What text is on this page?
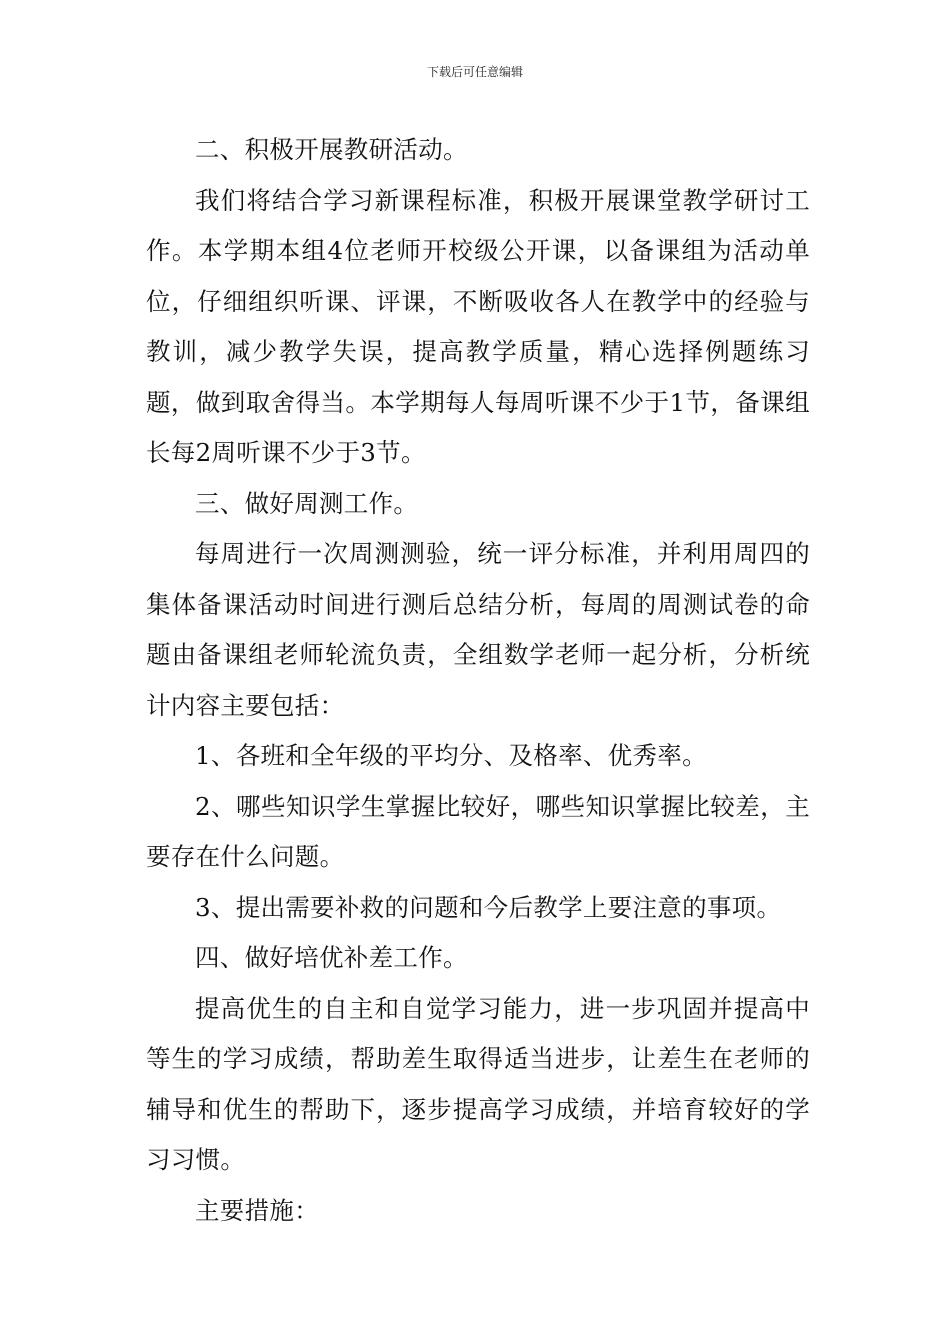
下载后可任意编辑

二、积极开展教研活动。

我们将结合学习新课程标准，积极开展课堂教学研讨工作。本学期本组4位老师开校级公开课，以备课组为活动单位，仔细组织听课、评课，不断吸收各人在教学中的经验与教训，减少教学失误，提高教学质量，精心选择例题练习题，做到取舍得当。本学期每人每周听课不少于1节，备课组长每2周听课不少于3节。

三、做好周测工作。

每周进行一次周测测验，统一评分标准，并利用周四的集体备课活动时间进行测后总结分析，每周的周测试卷的命题由备课组老师轮流负责，全组数学老师一起分析，分析统计内容主要包括：

1、各班和全年级的平均分、及格率、优秀率。

2、哪些知识学生掌握比较好，哪些知识掌握比较差，主要存在什么问题。

3、提出需要补救的问题和今后教学上要注意的事项。

四、做好培优补差工作。

提高优生的自主和自觉学习能力，进一步巩固并提高中等生的学习成绩，帮助差生取得适当进步，让差生在老师的辅导和优生的帮助下，逐步提高学习成绩，并培育较好的学习习惯。

主要措施：
